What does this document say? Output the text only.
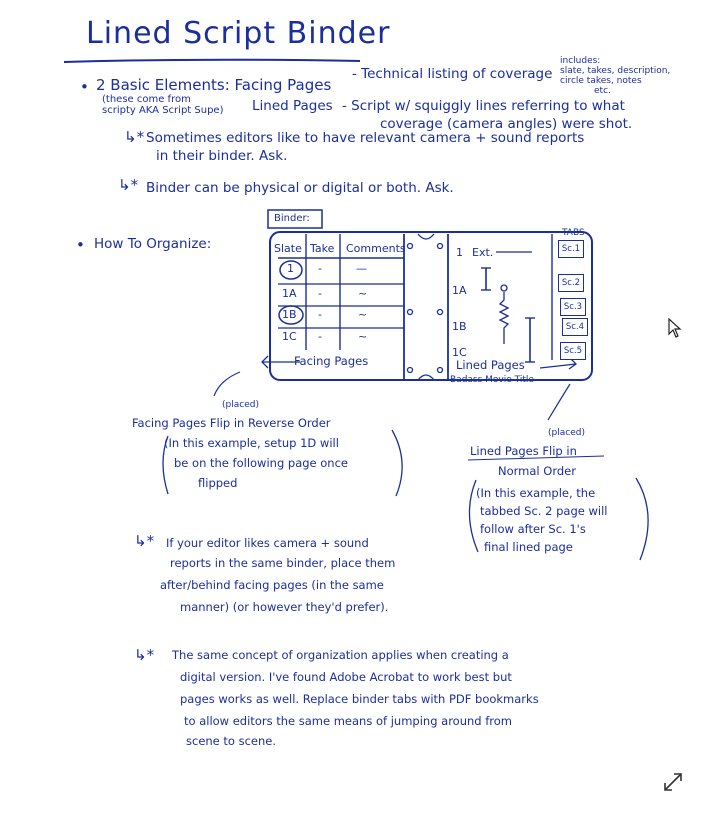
Lined Script Binder
• 2 Basic Elements: Facing Pages
- Technical listing of coverage
includes:
slate, takes, description,
circle takes, notes
etc.
(these come from
scripty AKA Script Supe) Lined Pages - Script w/ squiggly lines referring to what
coverage (camera angles) were shot.
↳* Sometimes editors like to have relevant camera + sound reports
in their binder. Ask.
↳* Binder can be physical or digital or both. Ask.
• How To Organize:
Binder:
TABS
Slate Take Comments
1 -	—
1A -	~
1B -	~
1C -	~
Facing Pages
1 Ext.
1A
1B
1C
Lined Pages
Badass Movie Title
Sc.1
Sc.2
Sc.3
Sc.4
Sc.5
(placed)
Facing Pages Flip in Reverse Order
(In this example, setup 1D will
be on the following page once
flipped
(placed)
Lined Pages Flip in
Normal Order
(In this example, the
tabbed Sc. 2 page will
follow after Sc. 1's
final lined page
↳* If your editor likes camera + sound
reports in the same binder, place them
after/behind facing pages (in the same
manner) (or however they'd prefer).
↳* The same concept of organization applies when creating a
digital version. I've found Adobe Acrobat to work best but
pages works as well. Replace binder tabs with PDF bookmarks
to allow editors the same means of jumping around from
scene to scene.
